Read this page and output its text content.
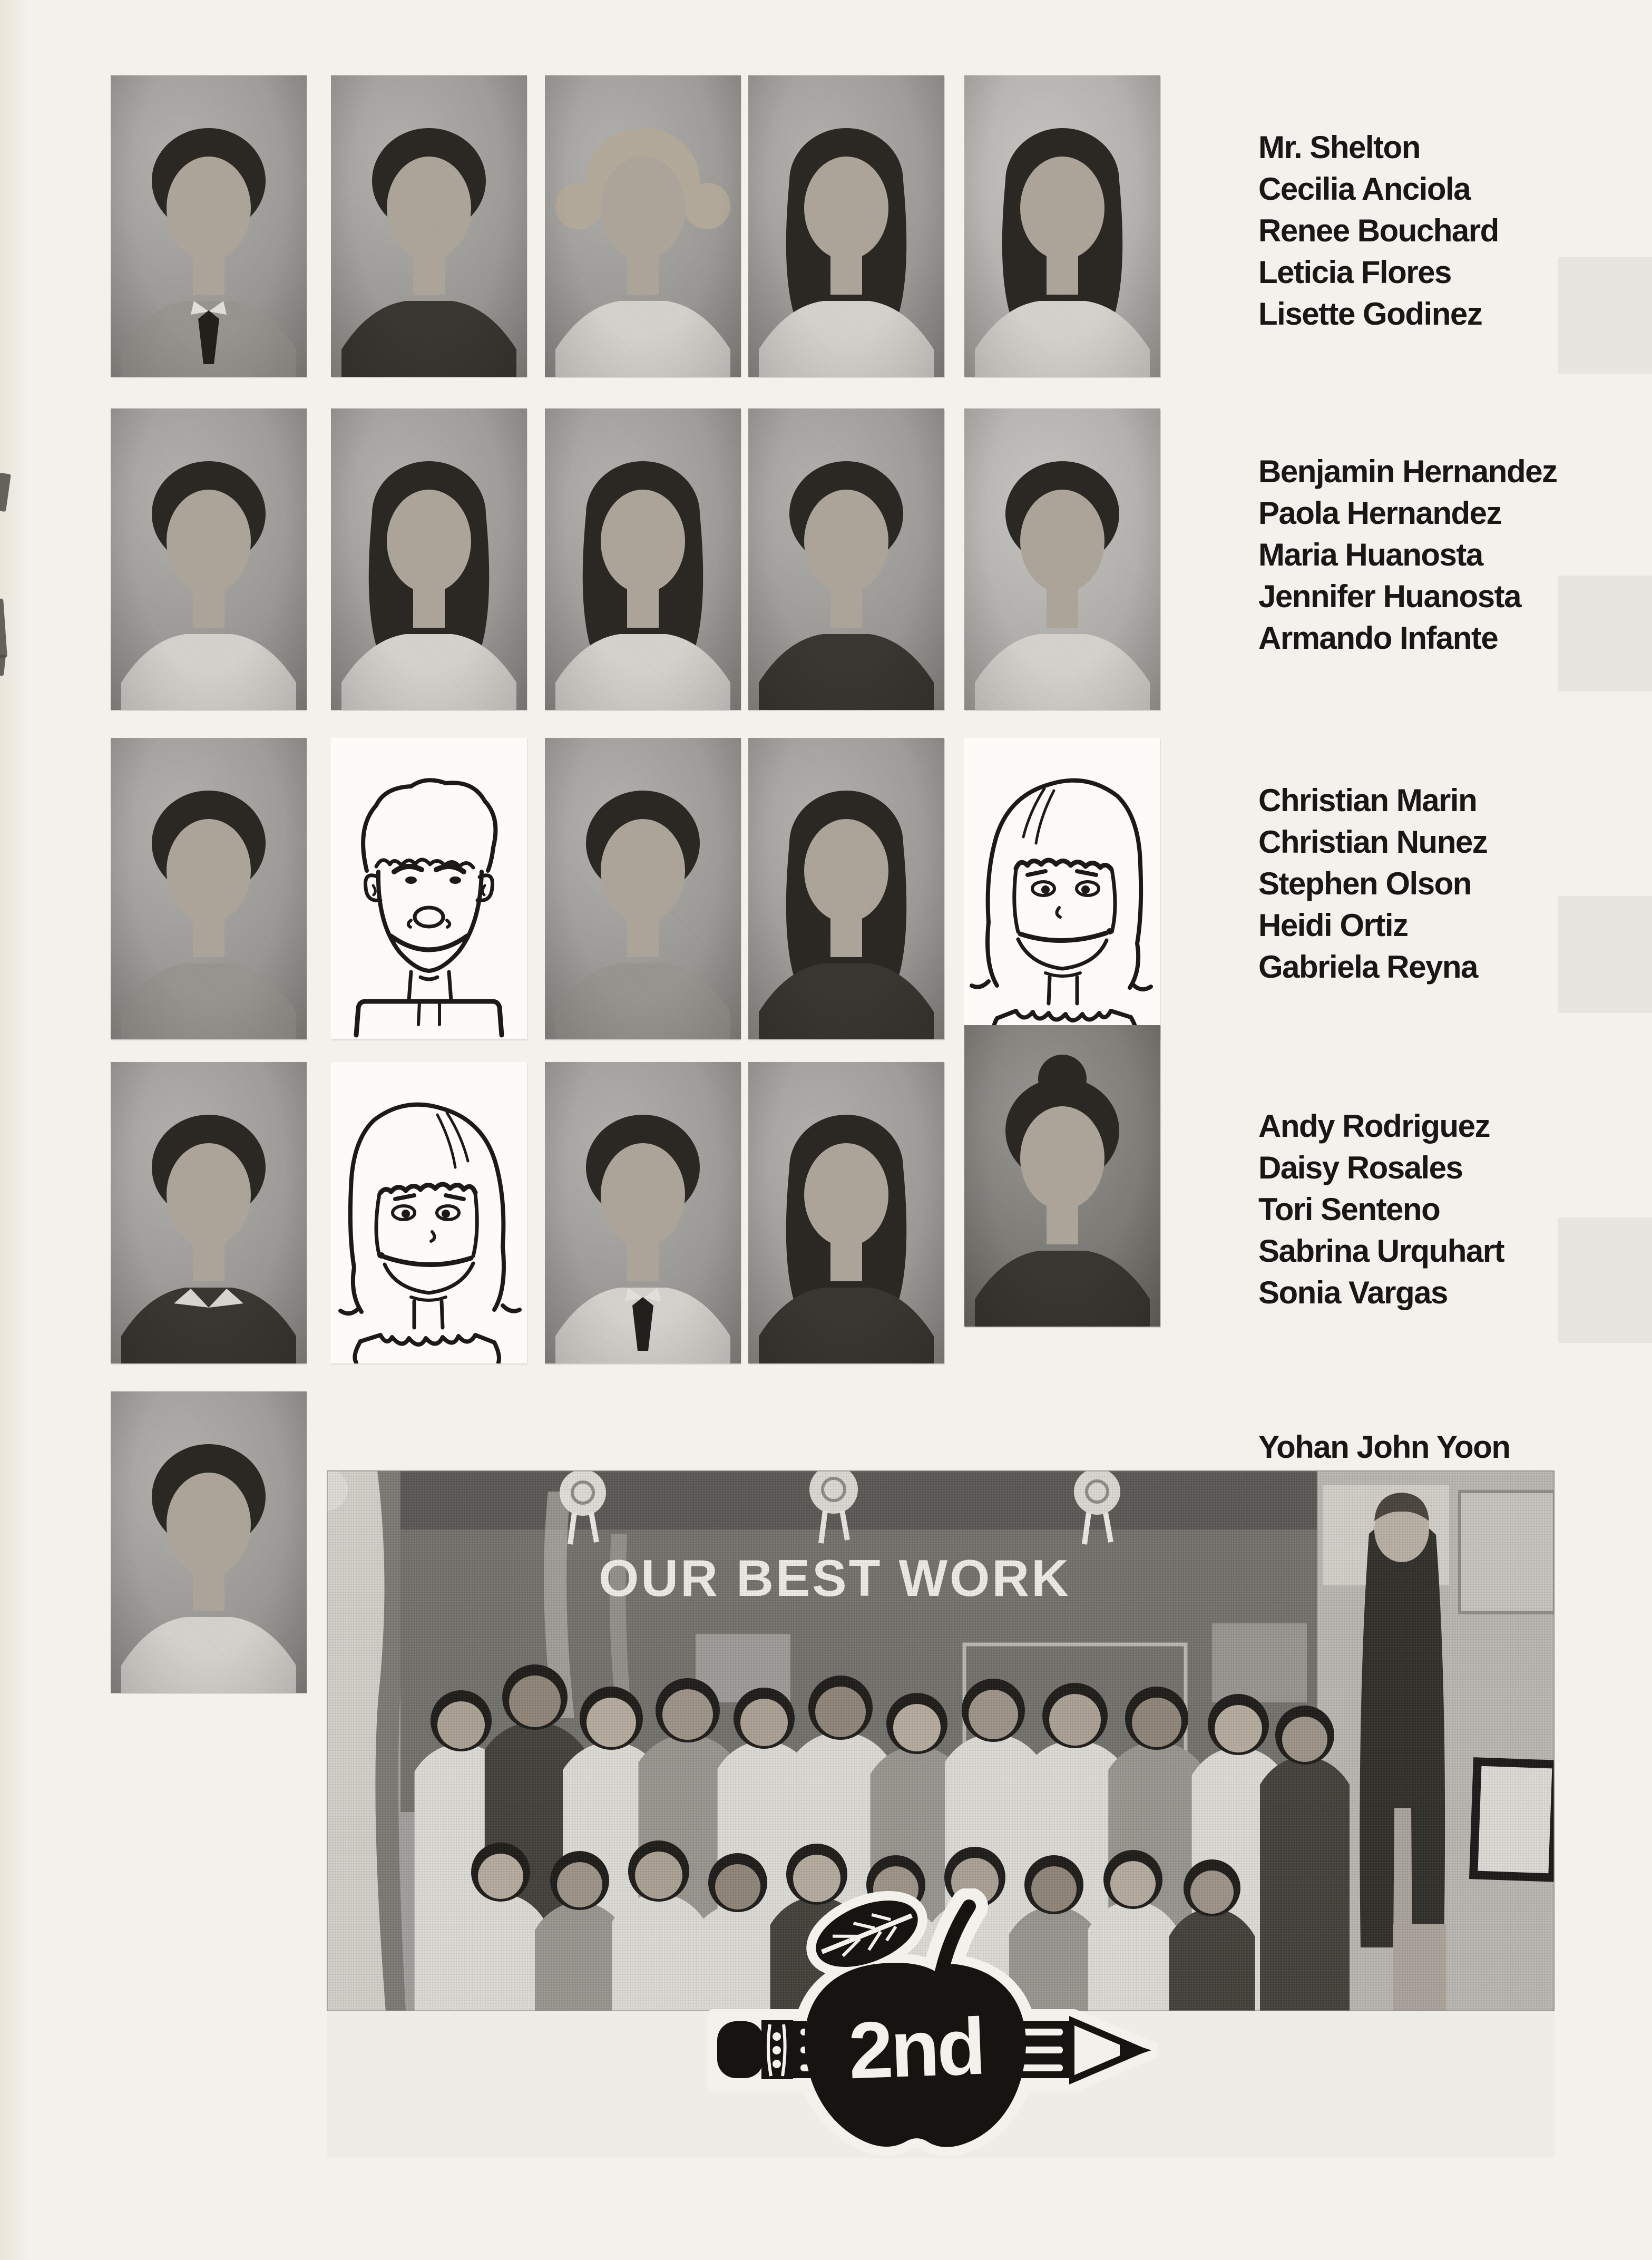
Mr. Shelton
Cecilia Anciola
Renee Bouchard
Leticia Flores
Lisette Godinez
Benjamin Hernandez
Paola Hernandez
Maria Huanosta
Jennifer Huanosta
Armando Infante
Christian Marin
Christian Nunez
Stephen Olson
Heidi Ortiz
Gabriela Reyna
Andy Rodriguez
Daisy Rosales
Tori Senteno
Sabrina Urquhart
Sonia Vargas
Yohan John Yoon
2nd
